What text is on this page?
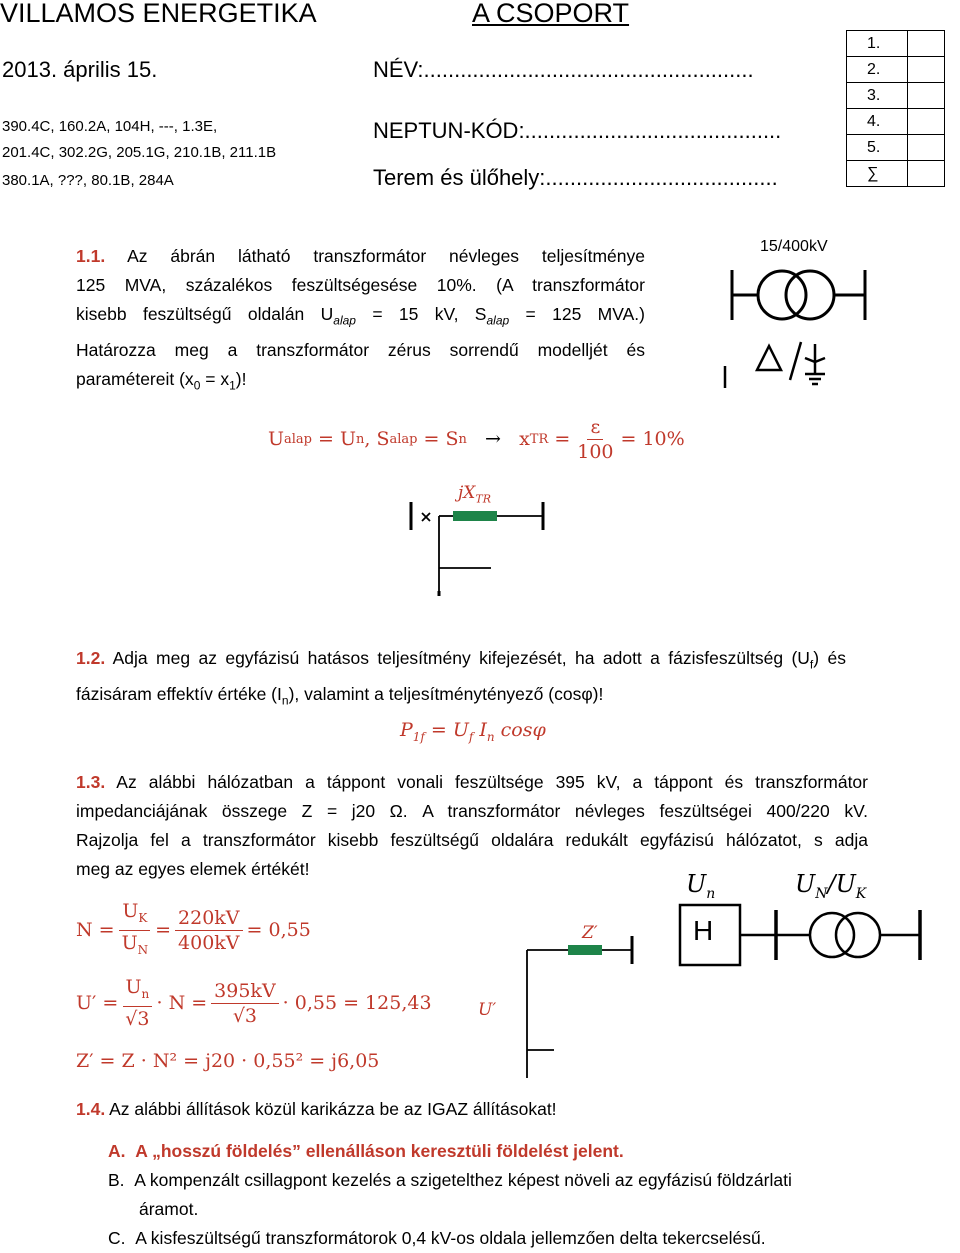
VILLAMOS ENERGETIKA	A CSOPORT
2013. április 15.	NÉV:......................................................
390.4C, 160.2A, 104H, ---, 1.3E,
201.4C, 302.2G, 205.1G, 210.1B, 211.1B
380.1A, ???, 80.1B, 284A
NEPTUN-KÓD:..........................................
Terem és ülőhely:......................................
1.	
2.	
3.	
4.	
5.	
∑	
1.1. Az ábrán látható transzformátor névleges teljesítménye
125 MVA, százalékos feszültségesése 10%. (A transzformátor
kisebb feszültségű oldalán $U_{alap} = 15$ kV, $S_{alap} = 125$ MVA.)
Határozza meg a transzformátor zérus sorrendű modelljét és
paramétereit $(x_0 = x_1)$!
15/400kV
U alap
= U n , S alap
= S n
→
x TR
= $\frac{\varepsilon}{100} = 10\%$
$jX_{TR}$
1.2. Adja meg az egyfázisú hatásos teljesítmény kifejezését, ha adott a fázisfeszültség $(U_f)$ és
fázisáram effektív értéke $(I_n)$, valamint a teljesítménytényező (cosφ)!
$P_{1f} = U_f$ $I_n$ cosφ
1.3. Az alábbi hálózatban a táppont vonali feszültsége 395 kV, a táppont és transzformátor
impedanciájának összege Z = j20 Ω. A transzformátor névleges feszültségei 400/220 kV.
Rajzolja fel a transzformátor kisebb feszültségű oldalára redukált egyfázisú hálózatot, s adja
meg az egyes elemek értékét!
$U_n$	$U_N/U_K$
H
Z′
U′
$N = \frac{U_K}{U_N} = \frac{220kV}{400kV} = 0,55$
$U' = \frac{U_n}{√3} \cdot N = \frac{395kV}{√3} \cdot 0,55 = 125,43$
Z′ = Z · N² = j20 · 0,55² = j6,05
1.4. Az alábbi állítások közül karikázza be az IGAZ állításokat!
A. A „hosszú földelés” ellenálláson keresztüli földelést jelent.
B. A kompenzált csillagpont kezelés a szigetelthez képest növeli az egyfázisú földzárlati
áramot.
C. A kisfeszültségű transzformátorok 0,4 kV-os oldala jellemzően delta tekercselésű.
